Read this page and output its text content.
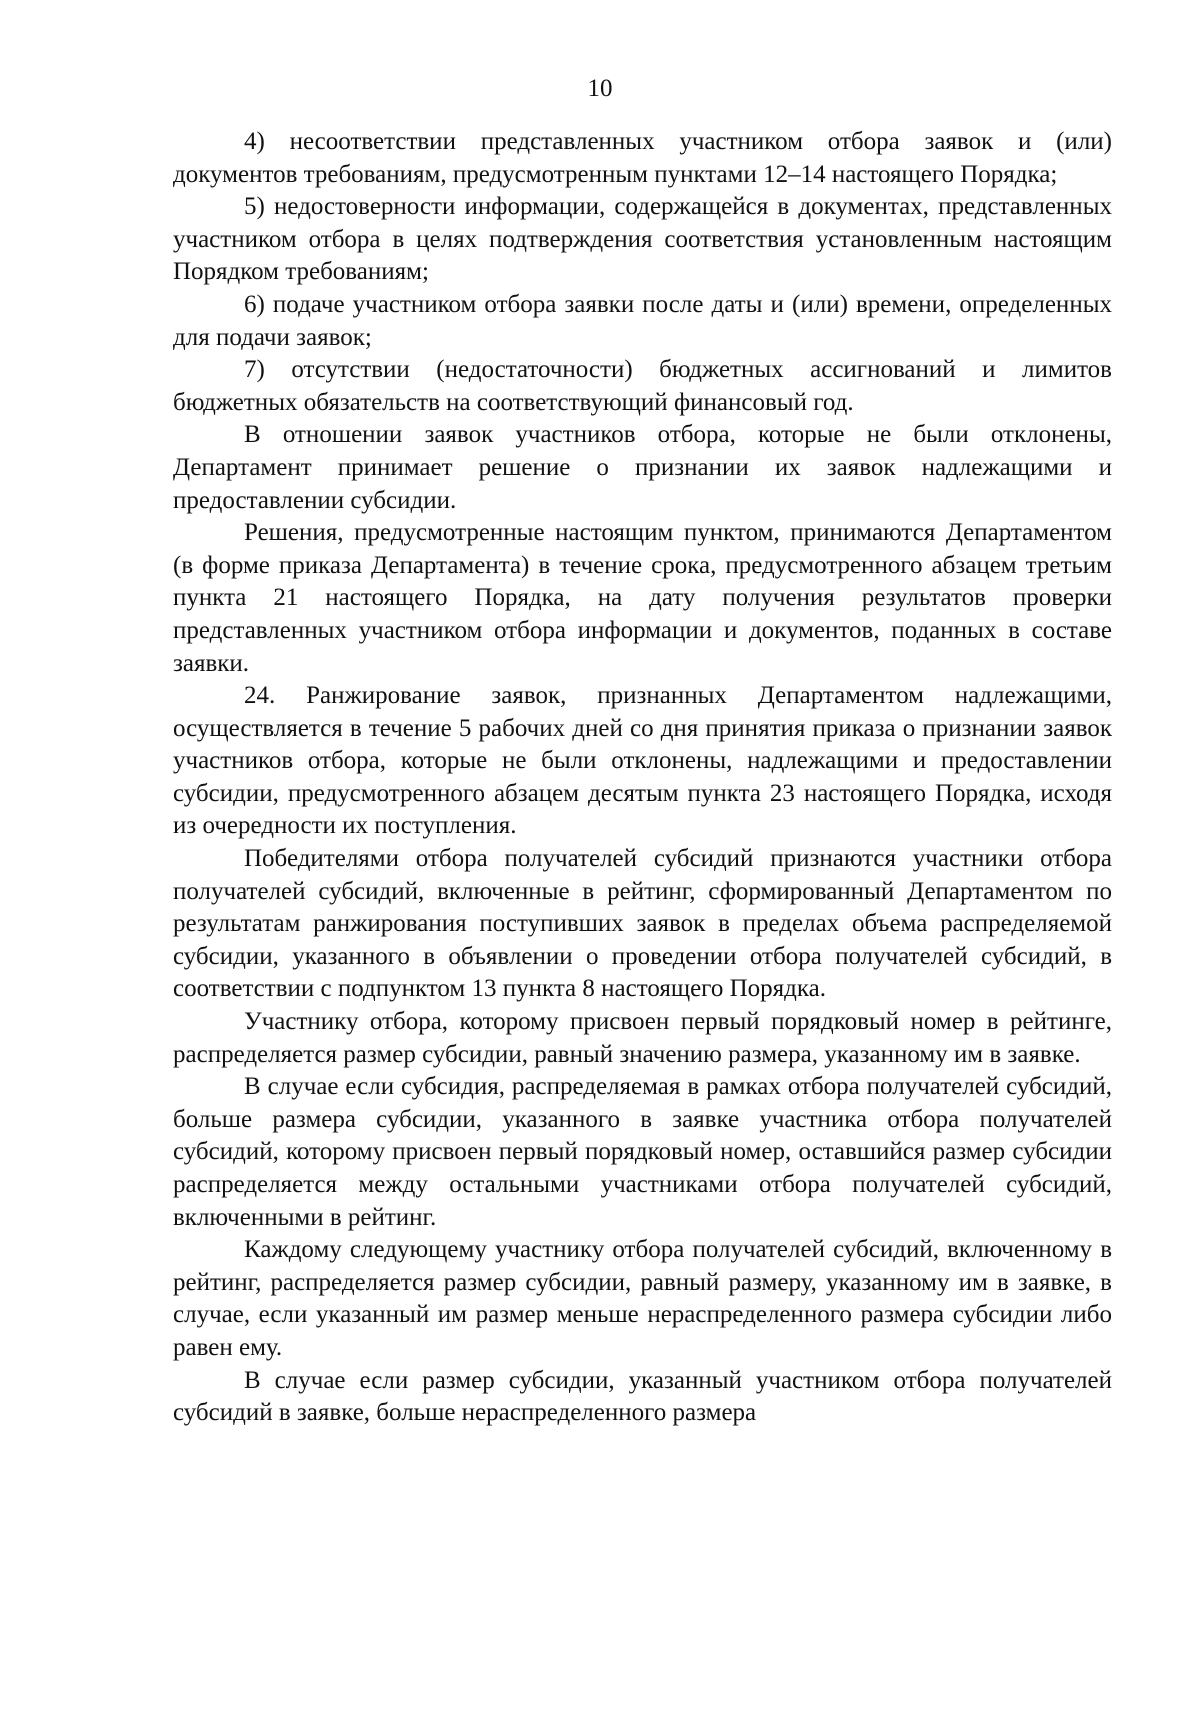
10

4) несоответствии представленных участником отбора заявок и (или) документов требованиям, предусмотренным пунктами 12–14 настоящего Порядка;

5) недостоверности информации, содержащейся в документах, представленных участником отбора в целях подтверждения соответствия установленным настоящим Порядком требованиям;

6) подаче участником отбора заявки после даты и (или) времени, определенных для подачи заявок;

7) отсутствии (недостаточности) бюджетных ассигнований и лимитов бюджетных обязательств на соответствующий финансовый год.

В отношении заявок участников отбора, которые не были отклонены, Департамент принимает решение о признании их заявок надлежащими и предоставлении субсидии.

Решения, предусмотренные настоящим пунктом, принимаются Департаментом (в форме приказа Департамента) в течение срока, предусмотренного абзацем третьим пункта 21 настоящего Порядка, на дату получения результатов проверки представленных участником отбора информации и документов, поданных в составе заявки.

24. Ранжирование заявок, признанных Департаментом надлежащими, осуществляется в течение 5 рабочих дней со дня принятия приказа о признании заявок участников отбора, которые не были отклонены, надлежащими и предоставлении субсидии, предусмотренного абзацем десятым пункта 23 настоящего Порядка, исходя из очередности их поступления.

Победителями отбора получателей субсидий признаются участники отбора получателей субсидий, включенные в рейтинг, сформированный Департаментом по результатам ранжирования поступивших заявок в пределах объема распределяемой субсидии, указанного в объявлении о проведении отбора получателей субсидий, в соответствии с подпунктом 13 пункта 8 настоящего Порядка.

Участнику отбора, которому присвоен первый порядковый номер в рейтинге, распределяется размер субсидии, равный значению размера, указанному им в заявке.

В случае если субсидия, распределяемая в рамках отбора получателей субсидий, больше размера субсидии, указанного в заявке участника отбора получателей субсидий, которому присвоен первый порядковый номер, оставшийся размер субсидии распределяется между остальными участниками отбора получателей субсидий, включенными в рейтинг.

Каждому следующему участнику отбора получателей субсидий, включенному в рейтинг, распределяется размер субсидии, равный размеру, указанному им в заявке, в случае, если указанный им размер меньше нераспределенного размера субсидии либо равен ему.

В случае если размер субсидии, указанный участником отбора получателей субсидий в заявке, больше нераспределенного размера
